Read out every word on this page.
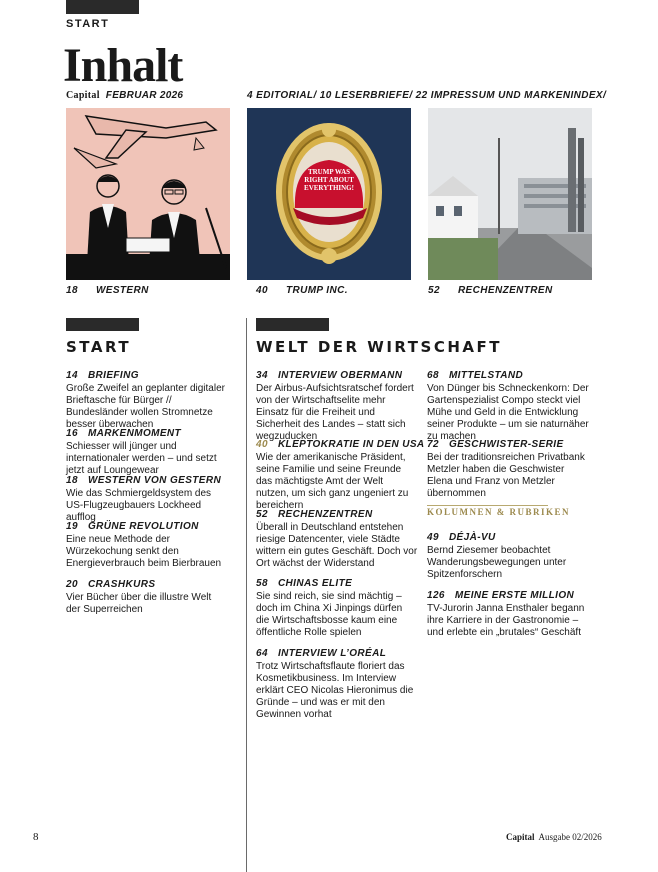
START
Inhalt
Capital FEBRUAR 2026	4 EDITORIAL/ 10 LESERBRIEFE/ 22 IMPRESSUM UND MARKENINDEX/
TRUMP WAS RIGHT ABOUT EVERYTHING!
18 WESTERN	40 TRUMP INC.	52 RECHENZENTREN
START	WELT DER WIRTSCHAFT
14 BRIEFING
Große Zweifel an geplanter digitaler Brieftasche für Bürger // Bundesländer wollen Stromnetze besser überwachen
16 MARKENMOMENT
Schiesser will jünger und internationaler werden – und setzt jetzt auf Loungewear
18 WESTERN VON GESTERN
Wie das Schmiergeldsystem des US-Flugzeugbauers Lockheed aufflog
19 GRÜNE REVOLUTION
Eine neue Methode der Würzekochung senkt den Energieverbrauch beim Bierbrauen
20 CRASHKURS
Vier Bücher über die illustre Welt der Superreichen
34 INTERVIEW OBERMANN
Der Airbus-Aufsichtsratschef fordert von der Wirtschaftselite mehr Einsatz für die Freiheit und Sicherheit des Landes – statt sich wegzuducken
40 KLEPTOKRATIE IN DEN USA
Wie der amerikanische Präsident, seine Familie und seine Freunde das mächtigste Amt der Welt nutzen, um sich ganz ungeniert zu bereichern
52 RECHENZENTREN
Überall in Deutschland entstehen riesige Datencenter, viele Städte wittern ein gutes Geschäft. Doch vor Ort wächst der Widerstand
58 CHINAS ELITE
Sie sind reich, sie sind mächtig – doch im China Xi Jinpings dürfen die Wirtschaftsbosse kaum eine öffentliche Rolle spielen
64 INTERVIEW L’ORÉAL
Trotz Wirtschaftsflaute floriert das Kosmetikbusiness. Im Interview erklärt CEO Nicolas Hieronimus die Gründe – und was er mit den Gewinnen vorhat
68 MITTELSTAND
Von Dünger bis Schneckenkorn: Der Gartenspezialist Compo steckt viel Mühe und Geld in die Entwicklung seiner Produkte – um sie naturnäher zu machen
72 GESCHWISTER-SERIE
Bei der traditionsreichen Privatbank Metzler haben die Geschwister Elena und Franz von Metzler übernommen
KOLUMNEN & RUBRIKEN
49 DÉJÀ-VU
Bernd Ziesemer beobachtet Wanderungsbewegungen unter Spitzenforschern
126 MEINE ERSTE MILLION
TV-Jurorin Janna Ensthaler begann ihre Karriere in der Gastronomie – und erlebte ein „brutales“ Geschäft
8	Capital Ausgabe 02/2026
